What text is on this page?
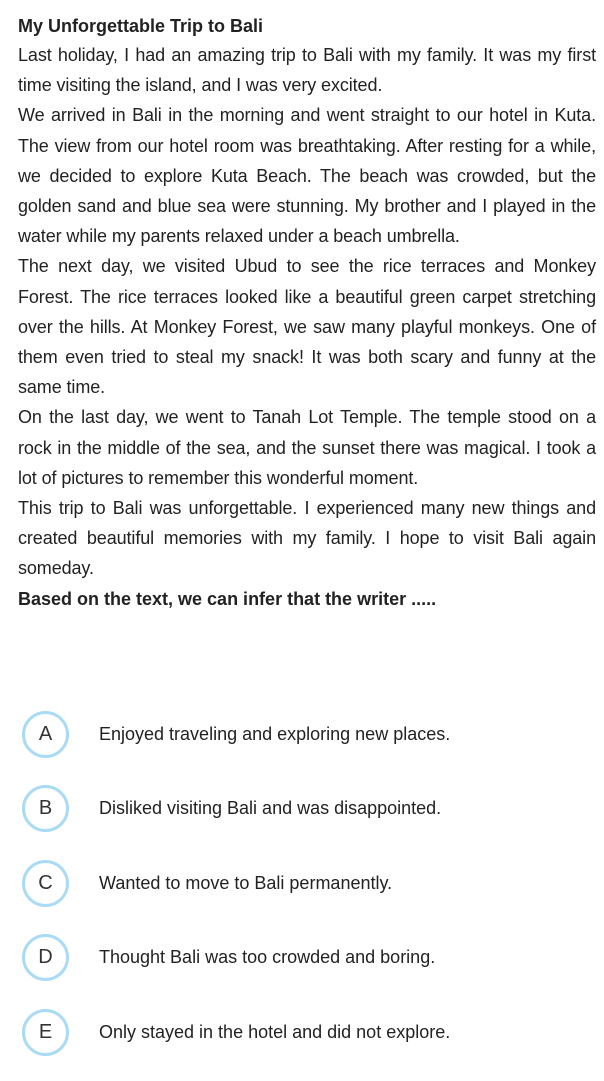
My Unforgettable Trip to Bali

Last holiday, I had an amazing trip to Bali with my family. It was my first time visiting the island, and I was very excited.

We arrived in Bali in the morning and went straight to our hotel in Kuta. The view from our hotel room was breathtaking. After resting for a while, we decided to explore Kuta Beach. The beach was crowded, but the golden sand and blue sea were stunning. My brother and I played in the water while my parents relaxed under a beach umbrella.

The next day, we visited Ubud to see the rice terraces and Monkey Forest. The rice terraces looked like a beautiful green carpet stretching over the hills. At Monkey Forest, we saw many playful monkeys. One of them even tried to steal my snack! It was both scary and funny at the same time.

On the last day, we went to Tanah Lot Temple. The temple stood on a rock in the middle of the sea, and the sunset there was magical. I took a lot of pictures to remember this wonderful moment.

This trip to Bali was unforgettable. I experienced many new things and created beautiful memories with my family. I hope to visit Bali again someday.

Based on the text, we can infer that the writer .....

A	Enjoyed traveling and exploring new places.
B	Disliked visiting Bali and was disappointed.
C	Wanted to move to Bali permanently.
D	Thought Bali was too crowded and boring.
E	Only stayed in the hotel and did not explore.
